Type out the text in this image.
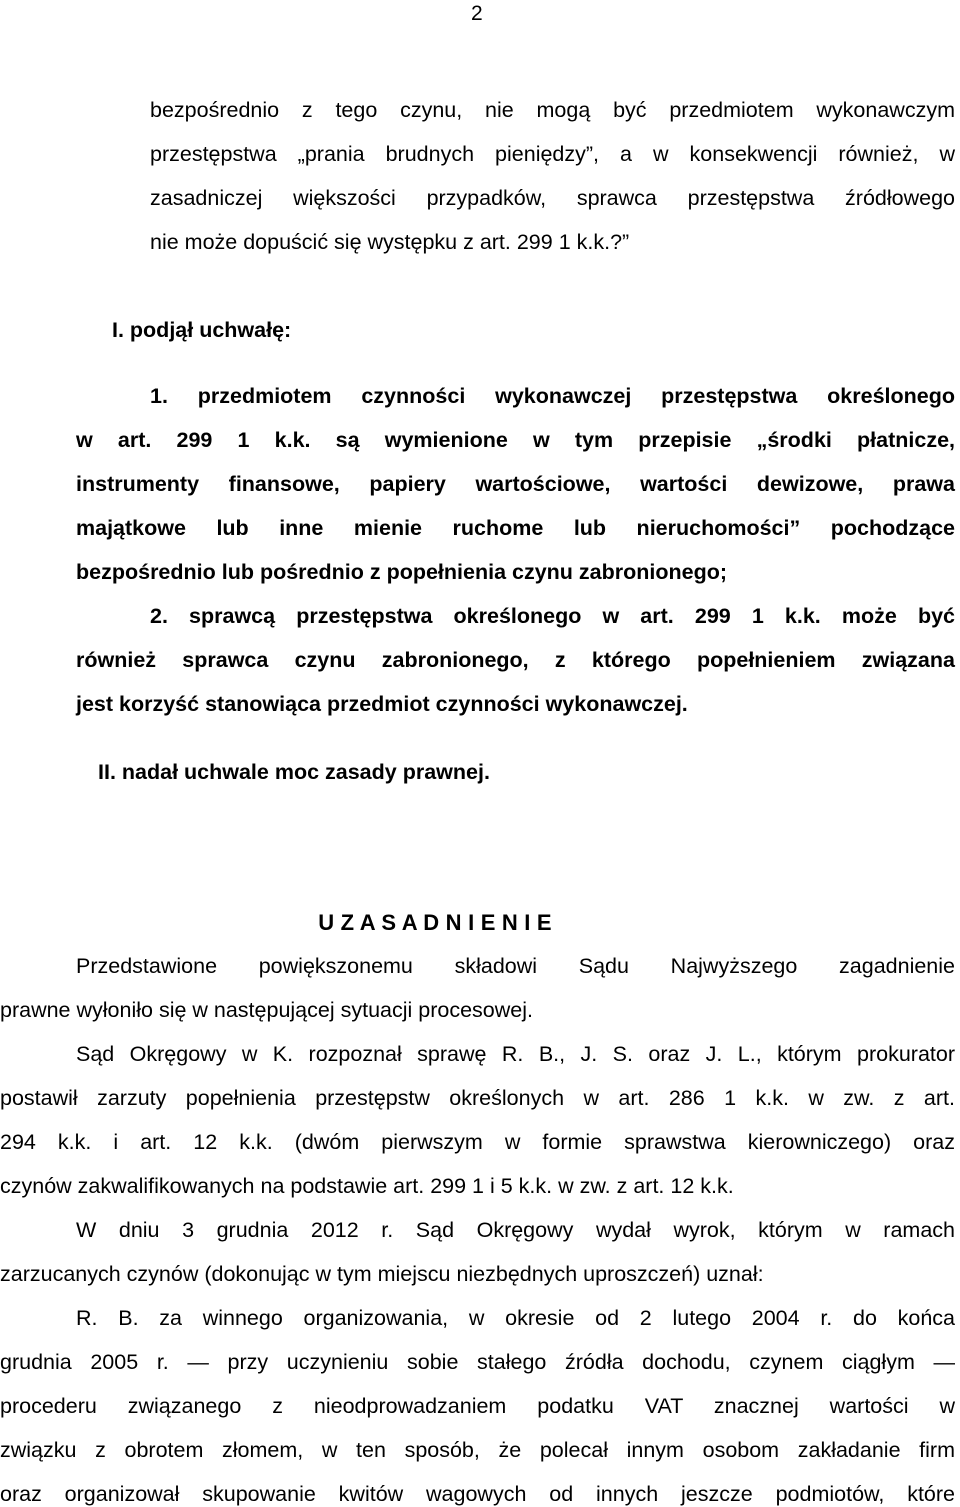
2
bezpośrednio z tego czynu, nie mogą być przedmiotem wykonawczym
przestępstwa „prania brudnych pieniędzy”, a w konsekwencji również, w
zasadniczej większości przypadków, sprawca przestępstwa źródłowego
nie może dopuścić się występku z art. 299 1 k.k.?”
I. podjął uchwałę:
1. przedmiotem czynności wykonawczej przestępstwa określonego
w art. 299 1 k.k. są wymienione w tym przepisie „środki płatnicze,
instrumenty finansowe, papiery wartościowe, wartości dewizowe, prawa
majątkowe lub inne mienie ruchome lub nieruchomości” pochodzące
bezpośrednio lub pośrednio z popełnienia czynu zabronionego;
2. sprawcą przestępstwa określonego w art. 299 1 k.k. może być
również sprawca czynu zabronionego, z którego popełnieniem związana
jest korzyść stanowiąca przedmiot czynności wykonawczej.
II. nadał uchwale moc zasady prawnej.
U Z A S A D N I E N I E
Przedstawione powiększonemu składowi Sądu Najwyższego zagadnienie
prawne wyłoniło się w następującej sytuacji procesowej.
Sąd Okręgowy w K. rozpoznał sprawę R. B., J. S. oraz J. L., którym prokurator
postawił zarzuty popełnienia przestępstw określonych w art. 286 1 k.k. w zw. z art.
294 k.k. i art. 12 k.k. (dwóm pierwszym w formie sprawstwa kierowniczego) oraz
czynów zakwalifikowanych na podstawie art. 299 1 i 5 k.k. w zw. z art. 12 k.k.
W dniu 3 grudnia 2012 r. Sąd Okręgowy wydał wyrok, którym w ramach
zarzucanych czynów (dokonując w tym miejscu niezbędnych uproszczeń) uznał:
R. B. za winnego organizowania, w okresie od 2 lutego 2004 r. do końca
grudnia 2005 r. — przy uczynieniu sobie stałego źródła dochodu, czynem ciągłym —
procederu związanego z nieodprowadzaniem podatku VAT znacznej wartości w
związku z obrotem złomem, w ten sposób, że polecał innym osobom zakładanie firm
oraz organizował skupowanie kwitów wagowych od innych jeszcze podmiotów, które
